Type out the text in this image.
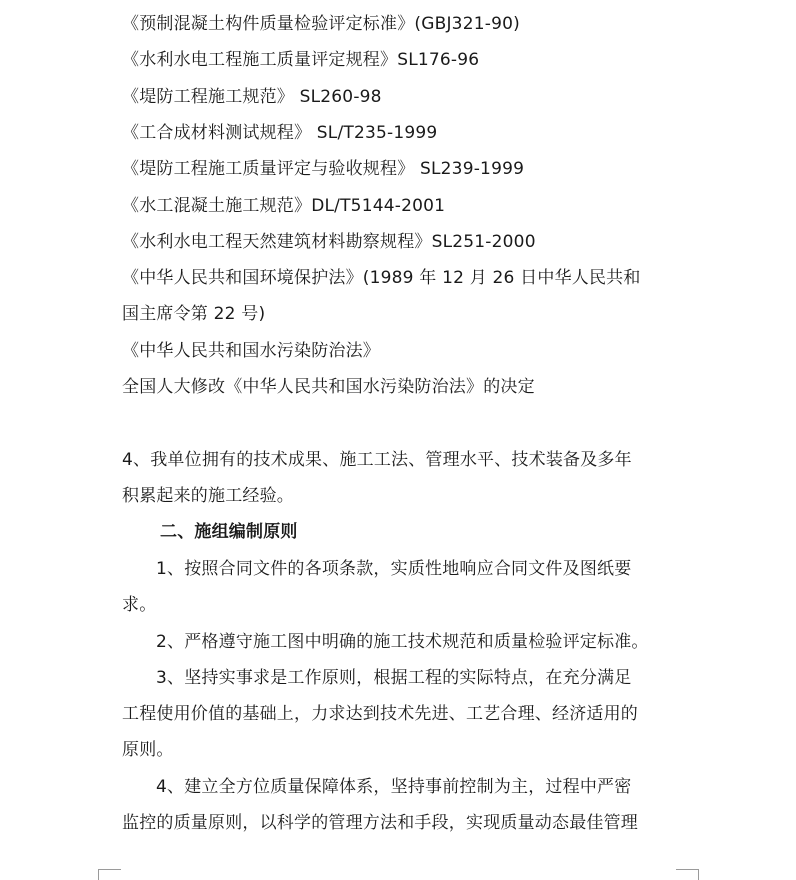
《预制混凝土构件质量检验评定标准》(GBJ321-90)
《水利水电工程施工质量评定规程》SL176-96
《堤防工程施工规范》 SL260-98
《工合成材料测试规程》 SL/T235-1999
《堤防工程施工质量评定与验收规程》 SL239-1999
《水工混凝土施工规范》DL/T5144-2001
《水利水电工程天然建筑材料勘察规程》SL251-2000
《中华人民共和国环境保护法》(1989 年 12 月 26 日中华人民共和
国主席令第 22 号)
《中华人民共和国水污染防治法》
全国人大修改《中华人民共和国水污染防治法》的决定
4、我单位拥有的技术成果、施工工法、管理水平、技术装备及多年
积累起来的施工经验。
二、施组编制原则
1、按照合同文件的各项条款，实质性地响应合同文件及图纸要
求。
2、严格遵守施工图中明确的施工技术规范和质量检验评定标准。
3、坚持实事求是工作原则，根据工程的实际特点，在充分满足
工程使用价值的基础上，力求达到技术先进、工艺合理、经济适用的
原则。
4、建立全方位质量保障体系，坚持事前控制为主，过程中严密
监控的质量原则，以科学的管理方法和手段，实现质量动态最佳管理
